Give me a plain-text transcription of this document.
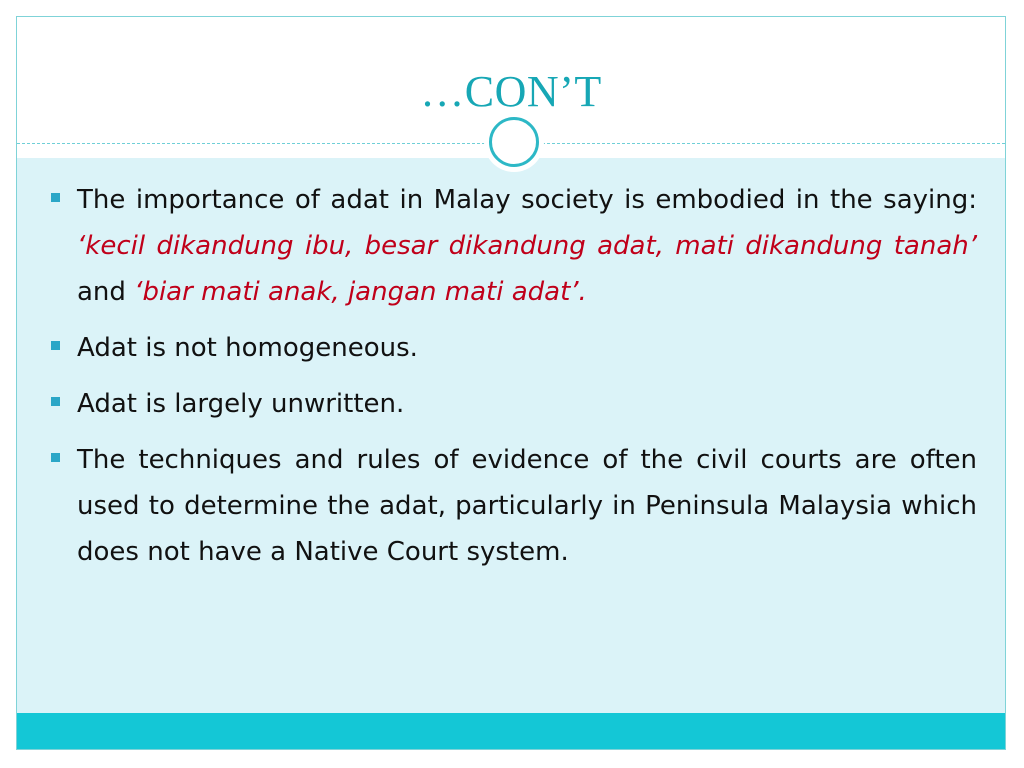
…CON’T
The importance of adat in Malay society is embodied in the saying: ‘kecil dikandung ibu, besar dikandung adat, mati dikandung tanah’ and ‘biar mati anak, jangan mati adat’.
Adat is not homogeneous.
Adat is largely unwritten.
The techniques and rules of evidence of the civil courts are often used to determine the adat, particularly in Peninsula Malaysia which does not have a Native Court system.
